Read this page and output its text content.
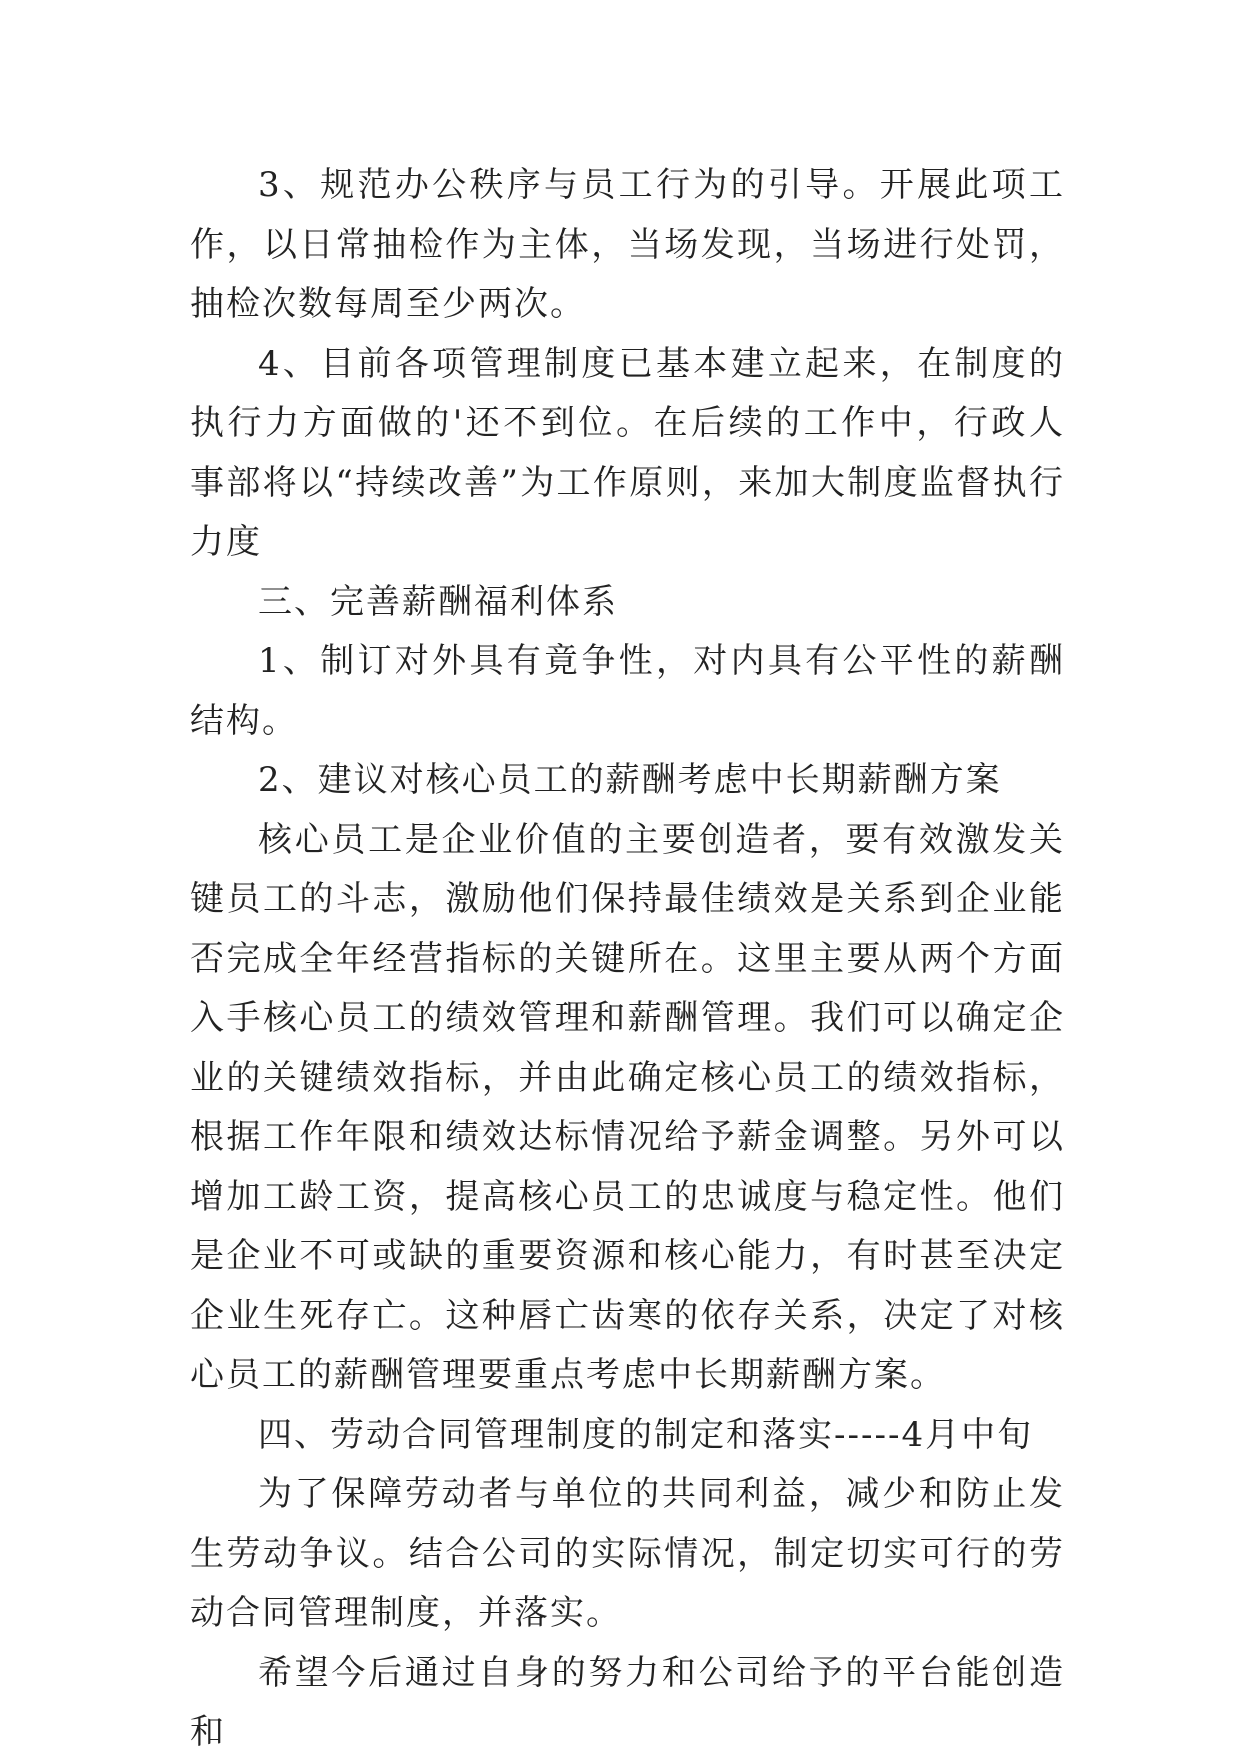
3、规范办公秩序与员工行为的引导。开展此项工作，以日常抽检作为主体，当场发现，当场进行处罚，抽检次数每周至少两次。

4、目前各项管理制度已基本建立起来，在制度的执行力方面做的'还不到位。在后续的工作中，行政人事部将以“持续改善”为工作原则，来加大制度监督执行力度

三、完善薪酬福利体系

1、制订对外具有竟争性，对内具有公平性的薪酬结构。

2、建议对核心员工的薪酬考虑中长期薪酬方案

核心员工是企业价值的主要创造者，要有效激发关键员工的斗志，激励他们保持最佳绩效是关系到企业能否完成全年经营指标的关键所在。这里主要从两个方面入手核心员工的绩效管理和薪酬管理。我们可以确定企业的关键绩效指标，并由此确定核心员工的绩效指标，根据工作年限和绩效达标情况给予薪金调整。另外可以增加工龄工资，提高核心员工的忠诚度与稳定性。他们是企业不可或缺的重要资源和核心能力，有时甚至决定企业生死存亡。这种唇亡齿寒的依存关系，决定了对核心员工的薪酬管理要重点考虑中长期薪酬方案。

四、劳动合同管理制度的制定和落实-----4月中旬

为了保障劳动者与单位的共同利益，减少和防止发生劳动争议。结合公司的实际情况，制定切实可行的劳动合同管理制度，并落实。

希望今后通过自身的努力和公司给予的平台能创造和
